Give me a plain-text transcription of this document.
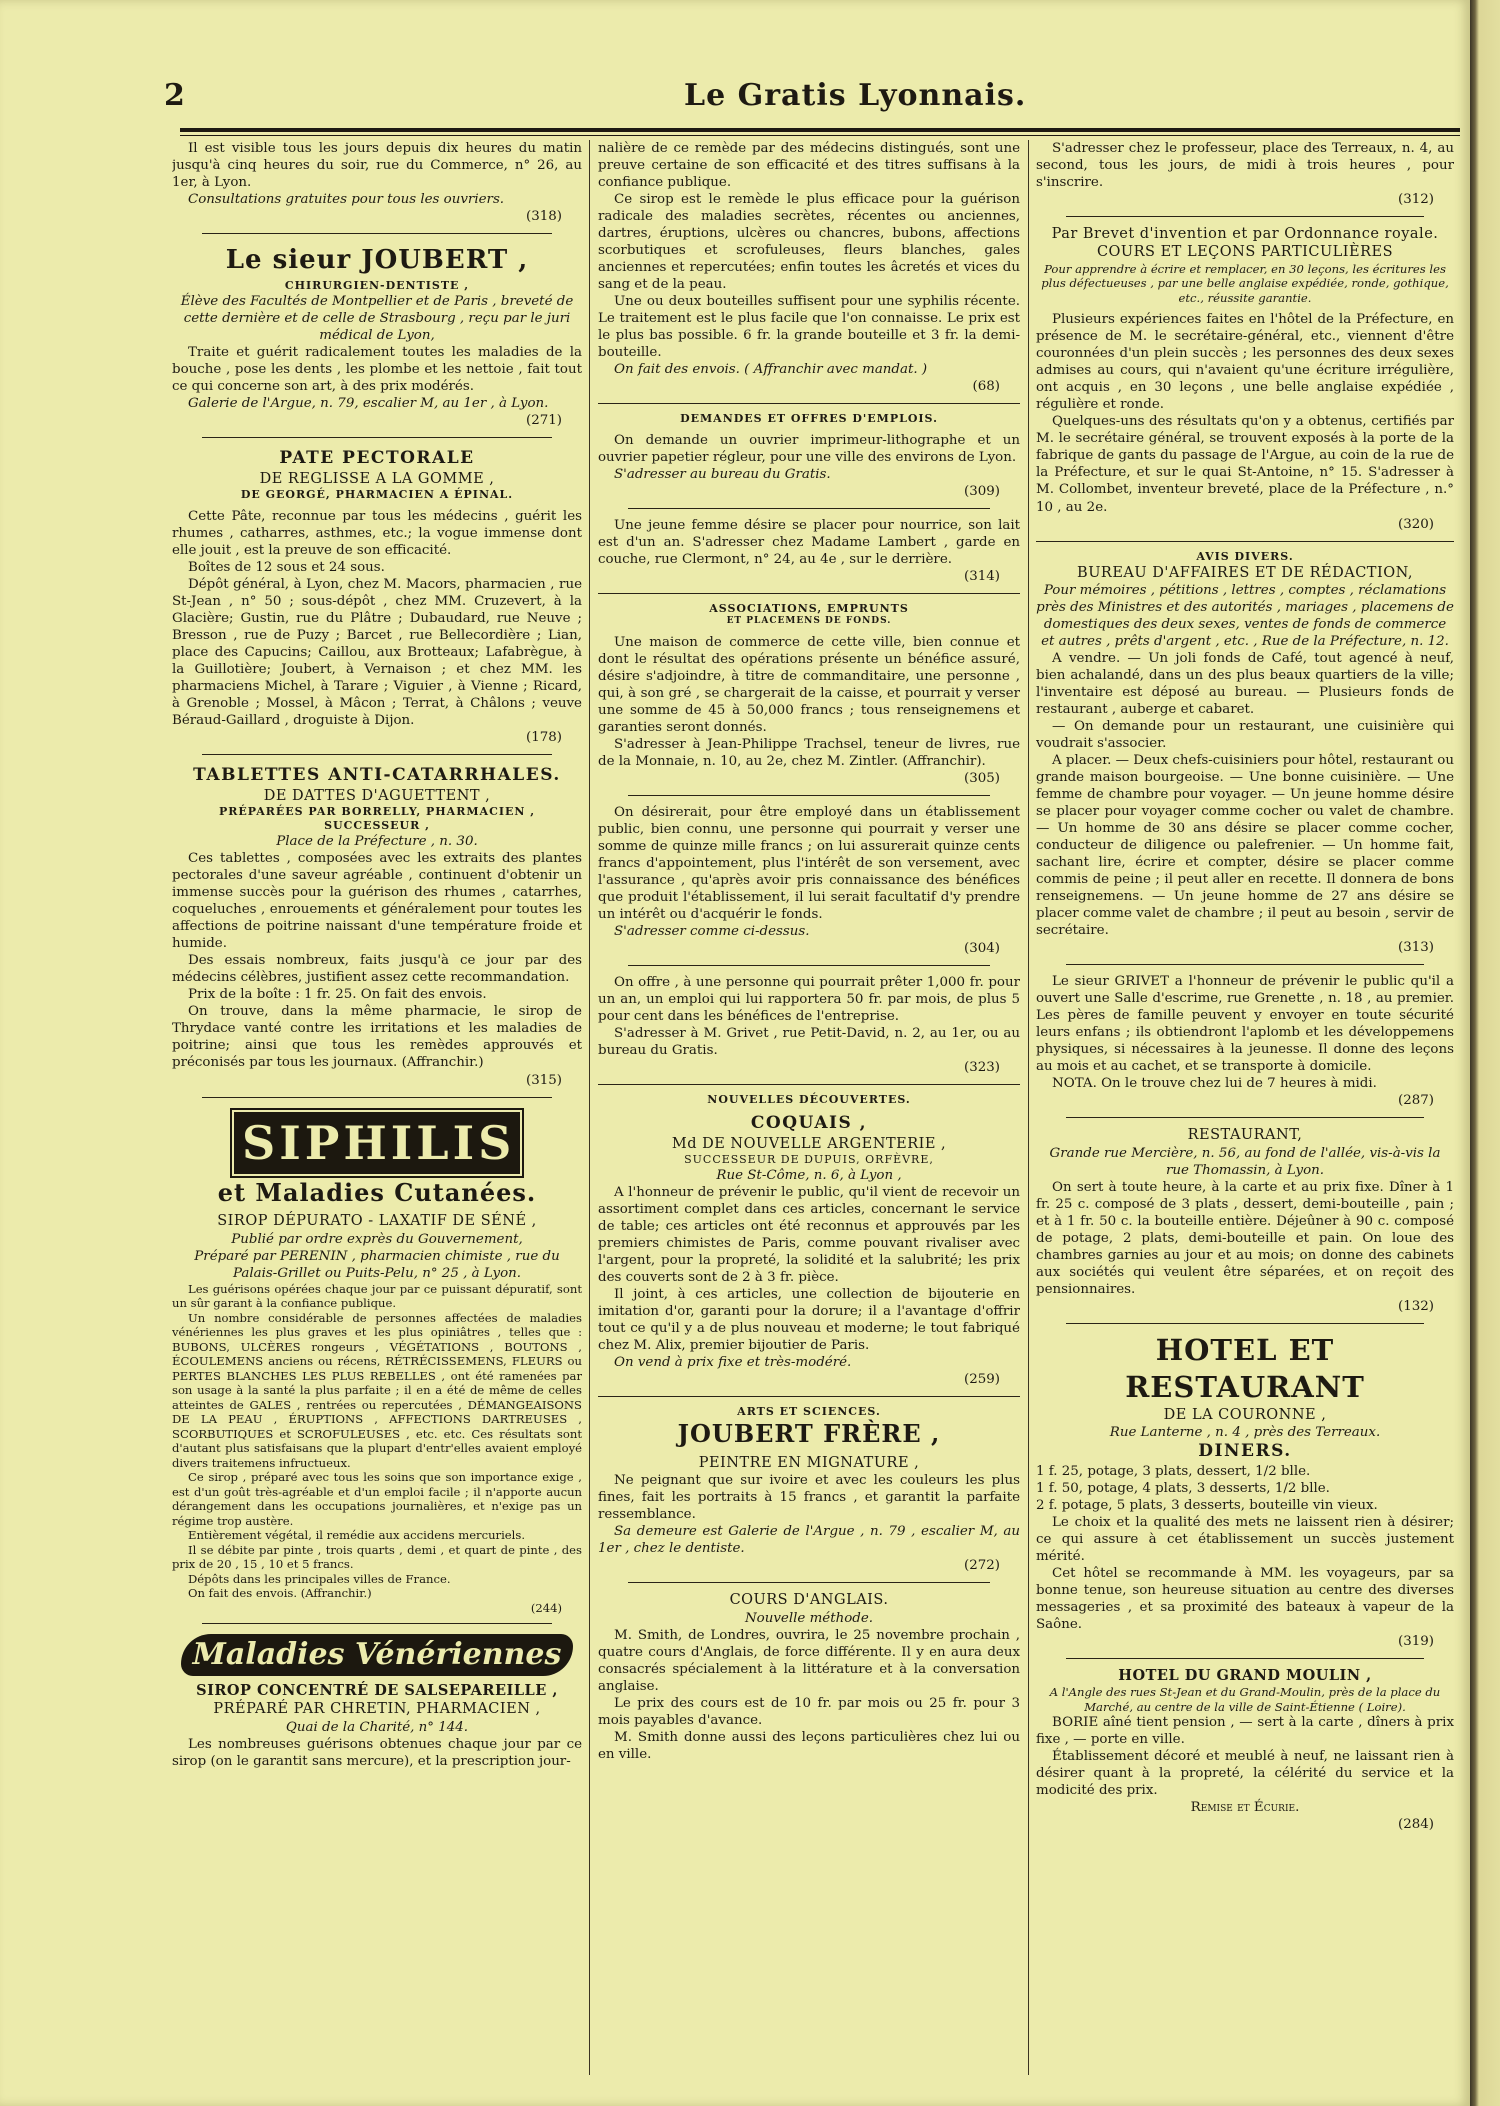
2	Le Gratis Lyonnais.

Il est visible tous les jours depuis dix heures du matin jusqu'à cinq heures du soir, rue du Commerce, n° 26, au 1er, à Lyon.

Consultations gratuites pour tous les ouvriers.

(318)
Le sieur JOUBERT ,
CHIRURGIEN-DENTISTE ,

Élève des Facultés de Montpellier et de Paris , breveté de cette dernière et de celle de Strasbourg , reçu par le juri médical de Lyon,

Traite et guérit radicalement toutes les maladies de la bouche , pose les dents , les plombe et les nettoie , fait tout ce qui concerne son art, à des prix modérés.

Galerie de l'Argue, n. 79, escalier M, au 1er , à Lyon.

(271)
PATE PECTORALE
DE REGLISSE A LA GOMME ,
DE GEORGÉ, PHARMACIEN A ÉPINAL.

Cette Pâte, reconnue par tous les médecins , guérit les rhumes , catharres, asthmes, etc.; la vogue immense dont elle jouit , est la preuve de son efficacité.

Boîtes de 12 sous et 24 sous.

Dépôt général, à Lyon, chez M. Macors, pharmacien , rue St-Jean , n° 50 ; sous-dépôt , chez MM. Cruzevert, à la Glacière; Gustin, rue du Plâtre ; Dubaudard, rue Neuve ; Bresson , rue de Puzy ; Barcet , rue Bellecordière ; Lian, place des Capucins; Caillou, aux Brotteaux; Lafabrègue, à la Guillotière; Joubert, à Vernaison ; et chez MM. les pharmaciens Michel, à Tarare ; Viguier , à Vienne ; Ricard, à Grenoble ; Mossel, à Mâcon ; Terrat, à Châlons ; veuve Béraud-Gaillard , droguiste à Dijon.

(178)
TABLETTES ANTI-CATARRHALES.
DE DATTES D'AGUETTENT ,
PRÉPARÉES PAR BORRELLY, PHARMACIEN , SUCCESSEUR ,

Place de la Préfecture , n. 30.

Ces tablettes , composées avec les extraits des plantes pectorales d'une saveur agréable , continuent d'obtenir un immense succès pour la guérison des rhumes , catarrhes, coqueluches , enrouements et généralement pour toutes les affections de poitrine naissant d'une température froide et humide.

Des essais nombreux, faits jusqu'à ce jour par des médecins célèbres, justifient assez cette recommandation.

Prix de la boîte : 1 fr. 25. On fait des envois.

On trouve, dans la même pharmacie, le sirop de Thrydace vanté contre les irritations et les maladies de poitrine; ainsi que tous les remèdes approuvés et préconisés par tous les journaux. (Affranchir.)

(315)
SIPHILIS
et Maladies Cutanées.
SIROP DÉPURATO - LAXATIF DE SÉNÉ ,

Publié par ordre exprès du Gouvernement,

Préparé par PERENIN , pharmacien chimiste , rue du Palais-Grillet ou Puits-Pelu, n° 25 , à Lyon.

Les guérisons opérées chaque jour par ce puissant dépuratif, sont un sûr garant à la confiance publique.

Un nombre considérable de personnes affectées de maladies vénériennes les plus graves et les plus opiniâtres , telles que : BUBONS, ULCÈRES rongeurs , VÉGÉTATIONS , BOUTONS , ÉCOULEMENS anciens ou récens, RÉTRÉCISSEMENS, FLEURS ou PERTES BLANCHES LES PLUS REBELLES , ont été ramenées par son usage à la santé la plus parfaite ; il en a été de même de celles atteintes de GALES , rentrées ou repercutées , DÉMANGEAISONS DE LA PEAU , ÉRUPTIONS , AFFECTIONS DARTREUSES , SCORBUTIQUES et SCROFULEUSES , etc. etc. Ces résultats sont d'autant plus satisfaisans que la plupart d'entr'elles avaient employé divers traitemens infructueux.

Ce sirop , préparé avec tous les soins que son importance exige , est d'un goût très-agréable et d'un emploi facile ; il n'apporte aucun dérangement dans les occupations journalières, et n'exige pas un régime trop austère.

Entièrement végétal, il remédie aux accidens mercuriels.

Il se débite par pinte , trois quarts , demi , et quart de pinte , des prix de 20 , 15 , 10 et 5 francs.

Dépôts dans les principales villes de France.

On fait des envois. (Affranchir.)

(244)
Maladies Vénériennes
SIROP CONCENTRÉ DE SALSEPAREILLE ,
PRÉPARÉ PAR CHRETIN, PHARMACIEN ,

Quai de la Charité, n° 144.

Les nombreuses guérisons obtenues chaque jour par ce sirop (on le garantit sans mercure), et la prescription jour-

nalière de ce remède par des médecins distingués, sont une preuve certaine de son efficacité et des titres suffisans à la confiance publique.

Ce sirop est le remède le plus efficace pour la guérison radicale des maladies secrètes, récentes ou anciennes, dartres, éruptions, ulcères ou chancres, bubons, affections scorbutiques et scrofuleuses, fleurs blanches, gales anciennes et repercutées; enfin toutes les âcretés et vices du sang et de la peau.

Une ou deux bouteilles suffisent pour une syphilis récente. Le traitement est le plus facile que l'on connaisse. Le prix est le plus bas possible. 6 fr. la grande bouteille et 3 fr. la demi-bouteille.

On fait des envois. ( Affranchir avec mandat. )

(68)
DEMANDES ET OFFRES D'EMPLOIS.

On demande un ouvrier imprimeur-lithographe et un ouvrier papetier régleur, pour une ville des environs de Lyon.

S'adresser au bureau du Gratis.

(309)

Une jeune femme désire se placer pour nourrice, son lait est d'un an. S'adresser chez Madame Lambert , garde en couche, rue Clermont, n° 24, au 4e , sur le derrière.

(314)
ASSOCIATIONS, EMPRUNTS
ET PLACEMENS DE FONDS.

Une maison de commerce de cette ville, bien connue et dont le résultat des opérations présente un bénéfice assuré, désire s'adjoindre, à titre de commanditaire, une personne , qui, à son gré , se chargerait de la caisse, et pourrait y verser une somme de 45 à 50,000 francs ; tous renseignemens et garanties seront donnés.

S'adresser à Jean-Philippe Trachsel, teneur de livres, rue de la Monnaie, n. 10, au 2e, chez M. Zintler. (Affranchir).

(305)

On désirerait, pour être employé dans un établissement public, bien connu, une personne qui pourrait y verser une somme de quinze mille francs ; on lui assurerait quinze cents francs d'appointement, plus l'intérêt de son versement, avec l'assurance , qu'après avoir pris connaissance des bénéfices que produit l'établissement, il lui serait facultatif d'y prendre un intérêt ou d'acquérir le fonds.

S'adresser comme ci-dessus.

(304)

On offre , à une personne qui pourrait prêter 1,000 fr. pour un an, un emploi qui lui rapportera 50 fr. par mois, de plus 5 pour cent dans les bénéfices de l'entreprise.

S'adresser à M. Grivet , rue Petit-David, n. 2, au 1er, ou au bureau du Gratis.

(323)
NOUVELLES DÉCOUVERTES.
COQUAIS ,
Md DE NOUVELLE ARGENTERIE ,
SUCCESSEUR DE DUPUIS, ORFÈVRE,

Rue St-Côme, n. 6, à Lyon ,

A l'honneur de prévenir le public, qu'il vient de recevoir un assortiment complet dans ces articles, concernant le service de table; ces articles ont été reconnus et approuvés par les premiers chimistes de Paris, comme pouvant rivaliser avec l'argent, pour la propreté, la solidité et la salubrité; les prix des couverts sont de 2 à 3 fr. pièce.

Il joint, à ces articles, une collection de bijouterie en imitation d'or, garanti pour la dorure; il a l'avantage d'offrir tout ce qu'il y a de plus nouveau et moderne; le tout fabriqué chez M. Alix, premier bijoutier de Paris.

On vend à prix fixe et très-modéré.

(259)
ARTS ET SCIENCES.
JOUBERT FRÈRE ,
PEINTRE EN MIGNATURE ,

Ne peignant que sur ivoire et avec les couleurs les plus fines, fait les portraits à 15 francs , et garantit la parfaite ressemblance.

Sa demeure est Galerie de l'Argue , n. 79 , escalier M, au 1er , chez le dentiste.

(272)
COURS D'ANGLAIS.

Nouvelle méthode.

M. Smith, de Londres, ouvrira, le 25 novembre prochain , quatre cours d'Anglais, de force différente. Il y en aura deux consacrés spécialement à la littérature et à la conversation anglaise.

Le prix des cours est de 10 fr. par mois ou 25 fr. pour 3 mois payables d'avance.

M. Smith donne aussi des leçons particulières chez lui ou en ville.

S'adresser chez le professeur, place des Terreaux, n. 4, au second, tous les jours, de midi à trois heures , pour s'inscrire.

(312)
Par Brevet d'invention et par Ordonnance royale.
COURS ET LEÇONS PARTICULIÈRES

Pour apprendre à écrire et remplacer, en 30 leçons, les écritures les plus défectueuses , par une belle anglaise expédiée, ronde, gothique, etc., réussite garantie.

Plusieurs expériences faites en l'hôtel de la Préfecture, en présence de M. le secrétaire-général, etc., viennent d'être couronnées d'un plein succès ; les personnes des deux sexes admises au cours, qui n'avaient qu'une écriture irrégulière, ont acquis , en 30 leçons , une belle anglaise expédiée , régulière et ronde.

Quelques-uns des résultats qu'on y a obtenus, certifiés par M. le secrétaire général, se trouvent exposés à la porte de la fabrique de gants du passage de l'Argue, au coin de la rue de la Préfecture, et sur le quai St-Antoine, n° 15. S'adresser à M. Collombet, inventeur breveté, place de la Préfecture , n.° 10 , au 2e.

(320)
AVIS DIVERS.
BUREAU D'AFFAIRES ET DE RÉDACTION,

Pour mémoires , pétitions , lettres , comptes , réclamations près des Ministres et des autorités , mariages , placemens de domestiques des deux sexes, ventes de fonds de commerce et autres , prêts d'argent , etc. , Rue de la Préfecture, n. 12.

A vendre. — Un joli fonds de Café, tout agencé à neuf, bien achalandé, dans un des plus beaux quartiers de la ville; l'inventaire est déposé au bureau. — Plusieurs fonds de restaurant , auberge et cabaret.

— On demande pour un restaurant, une cuisinière qui voudrait s'associer.

A placer. — Deux chefs-cuisiniers pour hôtel, restaurant ou grande maison bourgeoise. — Une bonne cuisinière. — Une femme de chambre pour voyager. — Un jeune homme désire se placer pour voyager comme cocher ou valet de chambre. — Un homme de 30 ans désire se placer comme cocher, conducteur de diligence ou palefrenier. — Un homme fait, sachant lire, écrire et compter, désire se placer comme commis de peine ; il peut aller en recette. Il donnera de bons renseignemens. — Un jeune homme de 27 ans désire se placer comme valet de chambre ; il peut au besoin , servir de secrétaire.

(313)

Le sieur GRIVET a l'honneur de prévenir le public qu'il a ouvert une Salle d'escrime, rue Grenette , n. 18 , au premier. Les pères de famille peuvent y envoyer en toute sécurité leurs enfans ; ils obtiendront l'aplomb et les développemens physiques, si nécessaires à la jeunesse. Il donne des leçons au mois et au cachet, et se transporte à domicile.

NOTA. On le trouve chez lui de 7 heures à midi.

(287)
RESTAURANT,

Grande rue Mercière, n. 56, au fond de l'allée, vis-à-vis la rue Thomassin, à Lyon.

On sert à toute heure, à la carte et au prix fixe. Dîner à 1 fr. 25 c. composé de 3 plats , dessert, demi-bouteille , pain ; et à 1 fr. 50 c. la bouteille entière. Déjeûner à 90 c. composé de potage, 2 plats, demi-bouteille et pain. On loue des chambres garnies au jour et au mois; on donne des cabinets aux sociétés qui veulent être séparées, et on reçoit des pensionnaires.

(132)
HOTEL ET RESTAURANT
DE LA COURONNE ,

Rue Lanterne , n. 4 , près des Terreaux.

DINERS.

1 f. 25, potage, 3 plats, dessert, 1/2 blle.

1 f. 50, potage, 4 plats, 3 desserts, 1/2 blle.

2 f. potage, 5 plats, 3 desserts, bouteille vin vieux.

Le choix et la qualité des mets ne laissent rien à désirer; ce qui assure à cet établissement un succès justement mérité.

Cet hôtel se recommande à MM. les voyageurs, par sa bonne tenue, son heureuse situation au centre des diverses messageries , et sa proximité des bateaux à vapeur de la Saône.

(319)
HOTEL DU GRAND MOULIN ,

A l'Angle des rues St-Jean et du Grand-Moulin, près de la place du Marché, au centre de la ville de Saint-Étienne ( Loire).

BORIE aîné tient pension , — sert à la carte , dîners à prix fixe , — porte en ville.

Établissement décoré et meublé à neuf, ne laissant rien à désirer quant à la propreté, la célérité du service et la modicité des prix.

Remise et Écurie.

(284)
